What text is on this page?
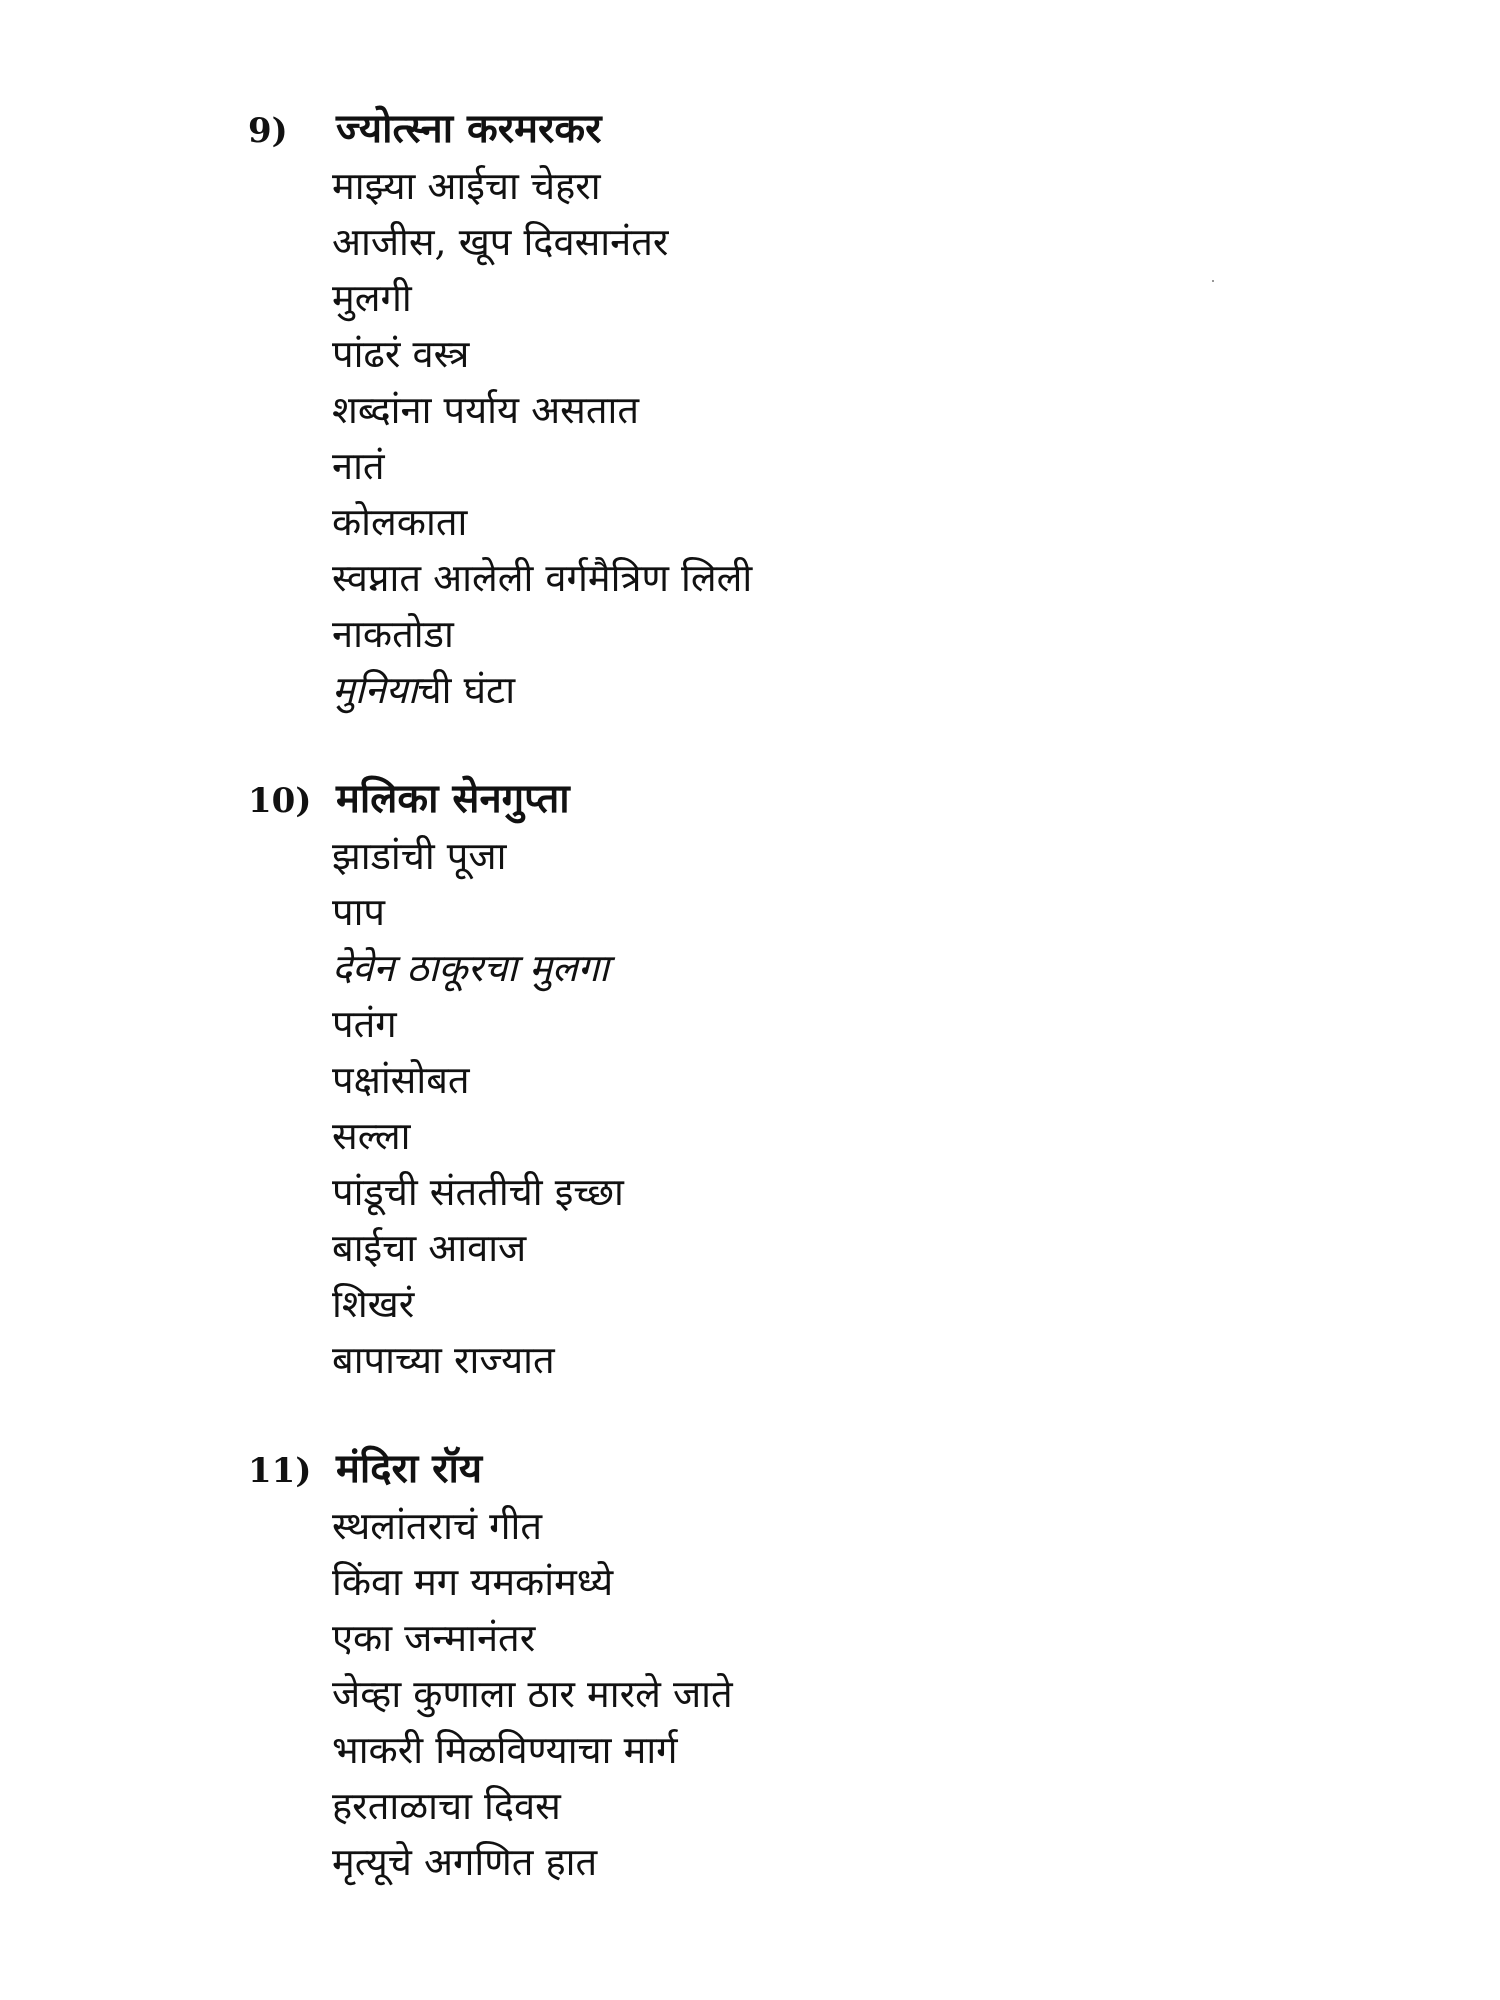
9)	ज्योत्स्ना करमरकर
माझ्या आईचा चेहरा
आजीस, खूप दिवसानंतर
मुलगी
पांढरं वस्त्र
शब्दांना पर्याय असतात
नातं
कोलकाता
स्वप्नात आलेली वर्गमैत्रिण लिली
नाकतोडा
मुनियाची घंटा
10) मलिका सेनगुप्ता
झाडांची पूजा
पाप
देवेन ठाकूरचा मुलगा
पतंग
पक्षांसोबत
सल्ला
पांडूची संततीची इच्छा
बाईचा आवाज
शिखरं
बापाच्या राज्यात
11) मंदिरा रॉय
स्थलांतराचं गीत
किंवा मग यमकांमध्ये
एका जन्मानंतर
जेव्हा कुणाला ठार मारले जाते
भाकरी मिळविण्याचा मार्ग
हरताळाचा दिवस
मृत्यूचे अगणित हात
